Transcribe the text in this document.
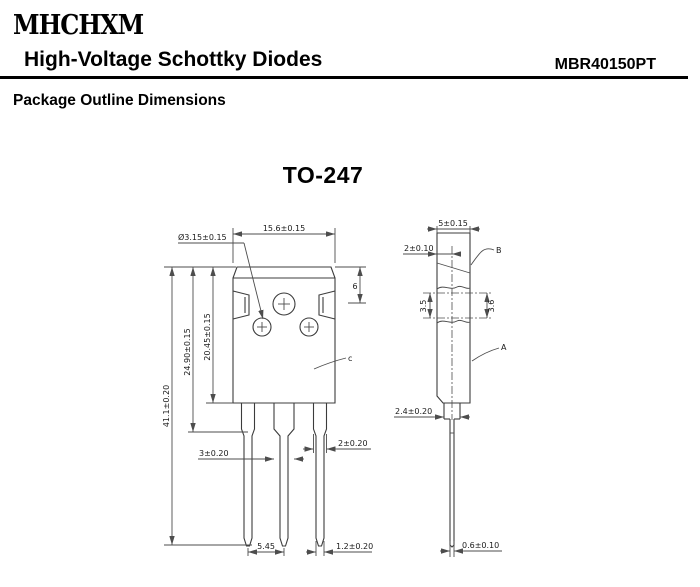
MHCHXM
High-Voltage Schottky Diodes	MBR40150PT
Package Outline Dimensions
TO-247
15.6±0.15
Ø3.15±0.15
41.1±0.20
24.90±0.15 20.45±0.15
6
c
3±0.20
2±0.20
5.45	1.2±0.20
5±0.15
2±0.10
3.5	3.6
B
A
2.4±0.20
0.6±0.10
